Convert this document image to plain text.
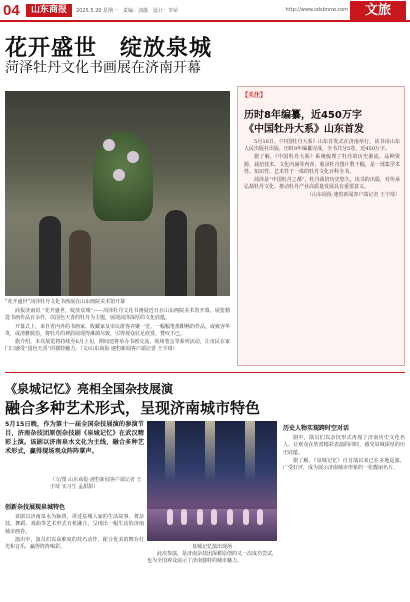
04	山东商报	2025.5.20 星期一　责编：刘薇　设计：李荣	http://www.sdsbnnw.com	文旅
花开盛世　绽放泉城
菏泽牡丹文化书画展在济南开幕
“花开盛世”菏泽牡丹文化书画展在山东画院美术馆开幕

商报济南讯 “花开盛世，绽放泉城”——菏泽牡丹文化书画展近日在山东画院美术馆开幕。展览精选书画作品百余件，以国色天香的牡丹为主题，展现菏泽深厚的文化底蕴。

开幕式上，来自省内外的书画家、收藏家及市民游客齐聚一堂。一幅幅笔墨酣畅的作品，或雍容华贵，或清雅脱俗，将牡丹的神韵展现得淋漓尽致，引得观众驻足欣赏、赞叹不已。

据介绍，本次展览将持续至6月上旬，期间还将举办书画交流、现场笔会等系列活动，让市民在家门口感受“国色天香”的独特魅力。（文/山东商报·速豹新闻客户端记者 王宇琦）

【关注】
历时8年编纂，近450万字
《中国牡丹大系》山东首发

5月18日，《中国牡丹大系》山东首发式在济南举行。该书由山东人民出版社出版，历时8年编纂完成，全书共分5卷，近450万字。

据了解，《中国牡丹大系》系统梳理了牡丹的历史源流、品种资源、栽培技术、文化内涵等内容，收录牡丹图片数千幅，是一部集学术性、知识性、艺术性于一体的牡丹文化百科全书。

菏泽是“中国牡丹之都”，牡丹栽培历史悠久。该书的出版，对传承弘扬牡丹文化、推动牡丹产业高质量发展具有重要意义。

（山东商报·速豹新闻客户端记者 王宇琦）

《泉城记忆》亮相全国杂技展演
融合多种艺术形式，呈现济南城市特色
5月15日晚，作为第十一届全国杂技展演的参演节目，济南杂技团原创杂技剧《泉城记忆》在武汉精彩上演。该剧以济南泉水文化为主线，融合多种艺术形式，赢得现场观众阵阵掌声。
（文/图 山东商报·速豹新闻客户端记者 王宇琦 实习生 孟甜甜）
创新杂技展现泉城特色

该剧以济南泉水为脉络，讲述泉城人家的生活故事，将杂技、舞蹈、戏曲等艺术形式有机融合，呈现出一幅生动的济南城市画卷。

演出中，演员们以高难度的技巧动作，配合优美的舞台灯光和音乐，赢得阵阵喝彩。	泉城记忆演出现场

此次参演，是济南杂技团深耕原创的又一次成功尝试，也为全国观众展示了济南独特的城市魅力。

历史人物实现跨时空对话

剧中，演员们以杂技形式再现了济南历史文化名人，让观众在欣赏精彩表演的同时，感受泉城深厚的历史底蕴。

据了解，《泉城记忆》自首演以来已在多地巡演，广受好评，成为展示济南城市形象的一张靓丽名片。
